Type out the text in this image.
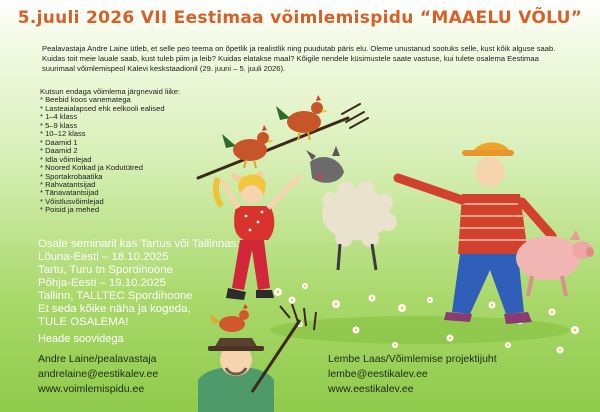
5.juuli 2026 VII Eestimaa võimlemispidu “MAAELU VÕLU”
Pealavastaja Andre Laine ütleb, et selle peo teema on õpetlik ja realistlik ning puudutab päris elu. Oleme unustanud sootuks selle, kust kõik alguse saab. Kuidas toit meie lauale saab, kust tuleb piim ja leib? Kuidas elatakse maal? Kõigile nendele küsimustele saate vastuse, kui tulete osalema Eestimaa suurimaal võimlemispeol Kalevi keskstaadionil (29. juuni – 5. juuli 2026).
Kutsun endaga võimlema järgnevaid liike:
* Beebid koos vanematega
* Lasteaialapsed ehk eelkooli ealised
* 1–4 klass
* 5–9 klass
* 10–12 klass
* Daamid 1
* Daamid 2
* Idla võimlejad
* Noored Kotkad ja Kodutütred
* Sportakrobaatika
* Rahvatantsijad
* Tänavatantsijad
* Võistlusvõimlejad
* Poisid ja mehed
Osale seminaril kas Tartus või Tallinnas:
Lõuna-Eesti – 18.10.2025
Tartu, Turu tn Spordihoone
Põhja-Eesti – 19.10.2025
Tallinn, TALLTEC Spordihoone
Et seda kõike näha ja kogeda,
TULE OSALEMA!
Heade soovidega
Andre Laine/pealavastaja
andrelaine@eestikalev.ee
www.voimlemispidu.ee
Lembe Laas/Võimlemise projektijuht
lembe@eestikalev.ee
www.eestikalev.ee
